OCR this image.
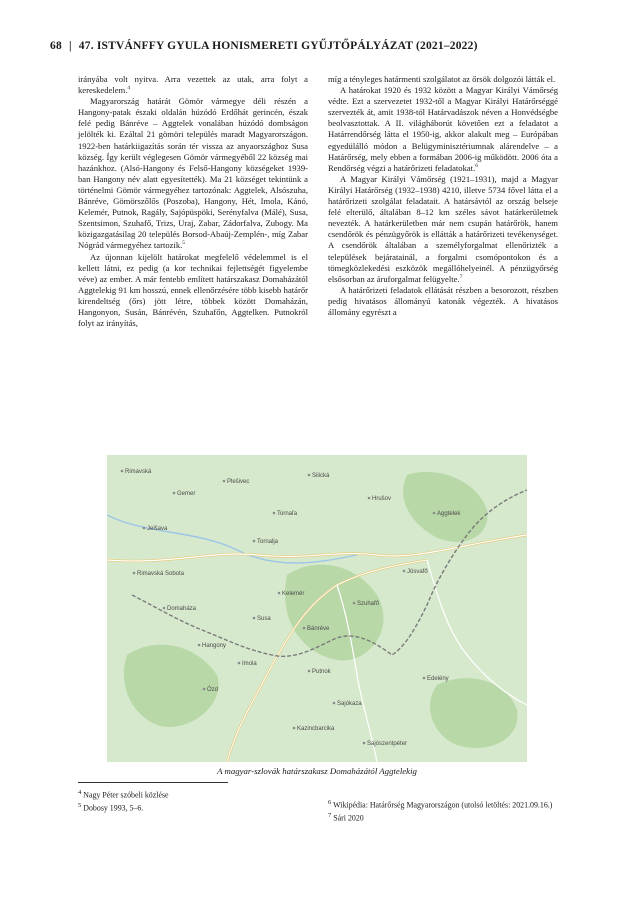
68 | 47. ISTVÁNFFY GYULA HONISMERETI GYŰJTŐPÁLYÁZAT (2021–2022)

irányába volt nyitva. Arra vezettek az utak, arra folyt a kereskedelem.$^4$

Magyarország határát Gömör vármegye déli részén a Hangony-patak északi oldalán húzódó Erdőhát gerincén, észak felé pedig Bánréve – Aggtelek vonalában húzódó dombságon jelölték ki. Ezáltal 21 gömöri település maradt Magyarországon. 1922-ben határkiigazítás során tér vissza az anyaországhoz Susa község. Így került véglegesen Gömör vármegyéből 22 község mai hazánkhoz. (Alsó-Hangony és Felső-Hangony községeket 1939-ban Hangony név alatt egyesítették). Ma 21 községet tekintünk a történelmi Gömör vármegyéhez tartozónak: Aggtelek, Alsószuha, Bánréve, Gömörszőlős (Poszoba), Hangony, Hét, Imola, Kánó, Kelemér, Putnok, Ragály, Sajópüspöki, Serényfalva (Málé), Susa, Szentsimon, Szuhafő, Trizs, Uraj, Zabar, Zádorfalva, Zubogy. Ma közigazgatásilag 20 település Borsod-Abaúj-Zemplén-, míg Zabar Nógrád vármegyéhez tartozik.$^5$

Az újonnan kijelölt határokat megfelelő védelemmel is el kellett látni, ez pedig (a kor technikai fejlettségét figyelembe véve) az ember. A már fentebb említett határszakasz Domaházától Aggtelekig 91 km hosszú, ennek ellenőrzésére több kisebb határőr kirendeltség (őrs) jött létre, többek között Domaházán, Hangonyon, Susán, Bánrévén, Szuhafőn, Aggtelken. Putnokról folyt az irányítás,

míg a tényleges határmenti szolgálatot az őrsök dolgozói látták el.

A határokat 1920 és 1932 között a Magyar Királyi Vámőrség védte. Ezt a szervezetet 1932-től a Magyar Királyi Határőrséggé szervezték át, amit 1938-tól Határvadászok néven a Honvédségbe beolvasztottak. A II. világháborút követően ezt a feladatot a Határrendőrség látta el 1950-ig, akkor alakult meg – Európában egyedülálló módon a Belügyminisztériumnak alárendelve – a Határőrség, mely ebben a formában 2006-ig működött. 2006 óta a Rendőrség végzi a határőrizeti feladatokat.$^6$

A Magyar Királyi Vámőrség (1921–1931), majd a Magyar Királyi Határőrség (1932–1938) 4210, illetve 5734 fővel látta el a határőrizeti szolgálat feladatait. A határsávtól az ország belseje felé elterülő, általában 8–12 km széles sávot határkerületnek nevezték. A határkerületben már nem csupán határőrök, hanem csendőrök és pénzügyőrök is ellátták a határőrizeti tevékenységet. A csendőrök általában a személyforgalmat ellenőrizték a települések bejáratainál, a forgalmi csomópontokon és a tömegközlekedési eszközök megállóhelyeinél. A pénzügyőrség elsősorban az áruforgalmat felügyelte.$^7$

A határőrizeti feladatok ellátását részben a besorozott, részben pedig hivatásos állományú katonák végezték. A hivatásos állomány egyrészt a

Rimavská
Gemer
Plešivec
Silická
Tornaľa
Jelšava
Hrušov
Aggtelek
Jósvafő
Szuhafő
Domaháza
Hangony
Susa
Bánréve
Putnok
Ózd
Sajókaza
Edelény
Kazincbarcika
Sajószentpéter
Rimavská Sobota
Tornalja
Imola
Kelemér
A magyar-szlovák határszakasz Domaházától Aggtelekig
$^4$ Nagy Péter szóbeli közlése
$^5$ Dobosy 1993, 5–6.
$^6$ Wikipédia: Határőrség Magyarországon (utolsó letöltés: 2021.09.16.)
$^7$ Sári 2020
